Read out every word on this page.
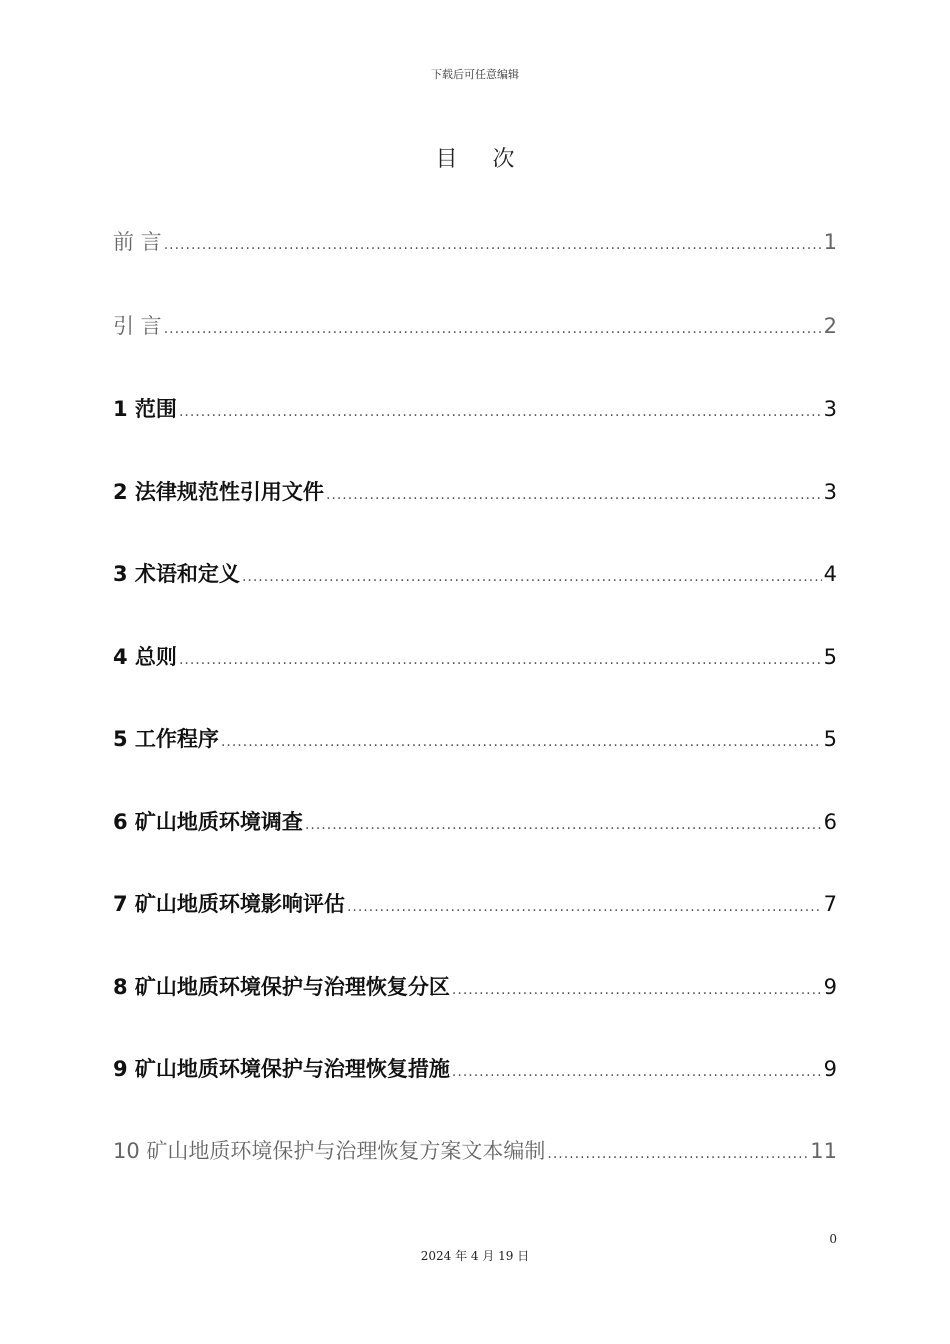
下载后可任意编辑
目 次
前 言 .....	1
引 言 .....	2
1 范围 .....	3
2 法律规范性引用文件 .....	3
3 术语和定义 .....	4
4 总则 .....	5
5 工作程序 .....	5
6 矿山地质环境调查 .....	6
7 矿山地质环境影响评估 .....	7
8 矿山地质环境保护与治理恢复分区 .....	9
9 矿山地质环境保护与治理恢复措施 .....	9
10 矿山地质环境保护与治理恢复方案文本编制 .....	11
0
2024 年 4 月 19 日
